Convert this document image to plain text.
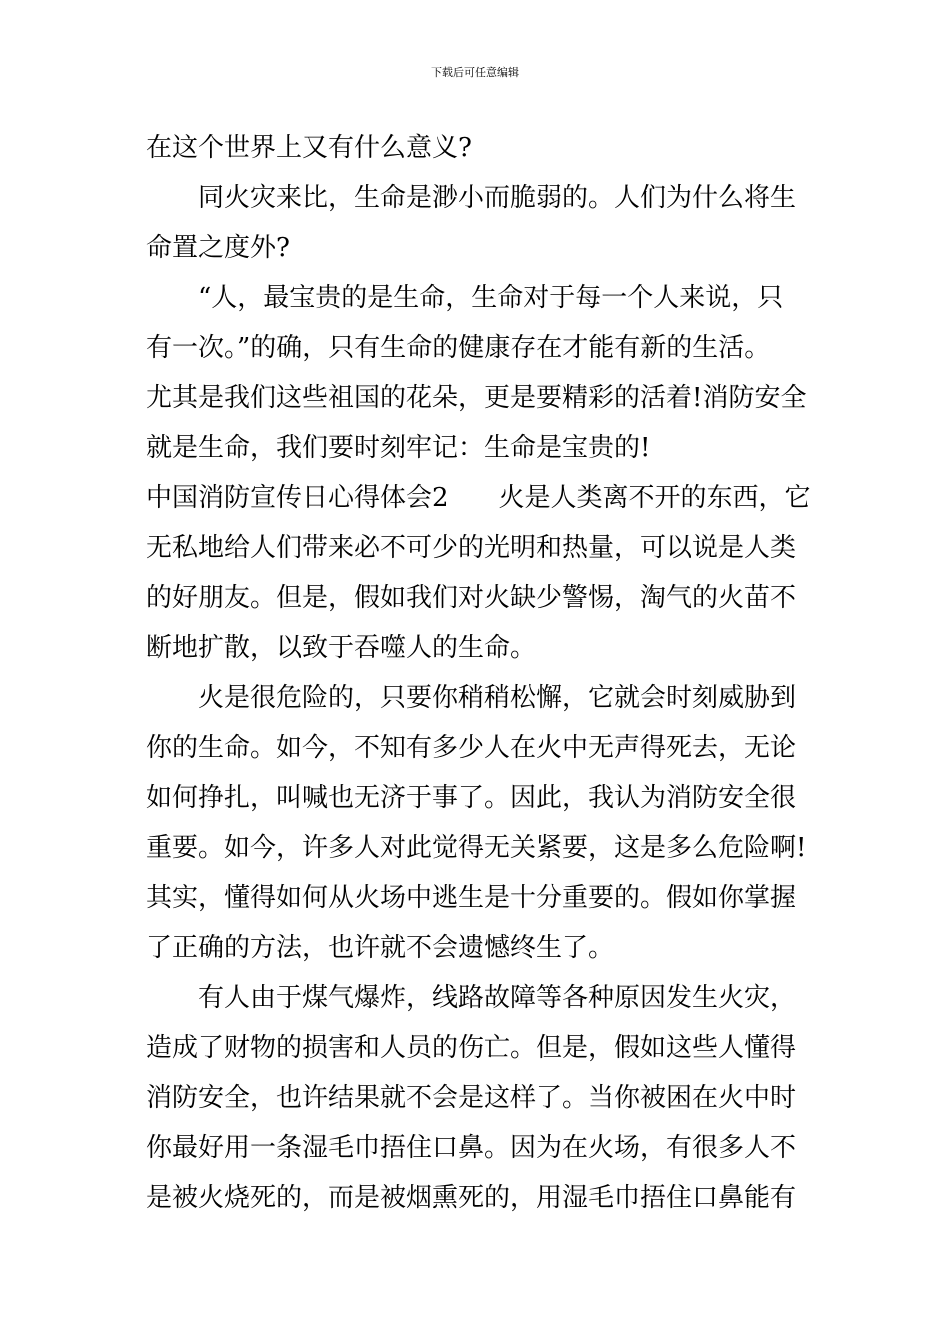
下载后可任意编辑
在这个世界上又有什么意义?
同火灾来比，生命是渺小而脆弱的。人们为什么将生
命置之度外?
“人，最宝贵的是生命，生命对于每一个人来说，只
有一次。”的确，只有生命的健康存在才能有新的生活。
尤其是我们这些祖国的花朵，更是要精彩的活着!消防安全
就是生命，我们要时刻牢记：生命是宝贵的!
中国消防宣传日心得体会2 火是人类离不开的东西，它
无私地给人们带来必不可少的光明和热量，可以说是人类
的好朋友。但是，假如我们对火缺少警惕，淘气的火苗不
断地扩散，以致于吞噬人的生命。
火是很危险的，只要你稍稍松懈，它就会时刻威胁到
你的生命。如今，不知有多少人在火中无声得死去，无论
如何挣扎，叫喊也无济于事了。因此，我认为消防安全很
重要。如今，许多人对此觉得无关紧要，这是多么危险啊!
其实，懂得如何从火场中逃生是十分重要的。假如你掌握
了正确的方法，也许就不会遗憾终生了。
有人由于煤气爆炸，线路故障等各种原因发生火灾，
造成了财物的损害和人员的伤亡。但是，假如这些人懂得
消防安全，也许结果就不会是这样了。当你被困在火中时
你最好用一条湿毛巾捂住口鼻。因为在火场，有很多人不
是被火烧死的，而是被烟熏死的，用湿毛巾捂住口鼻能有
